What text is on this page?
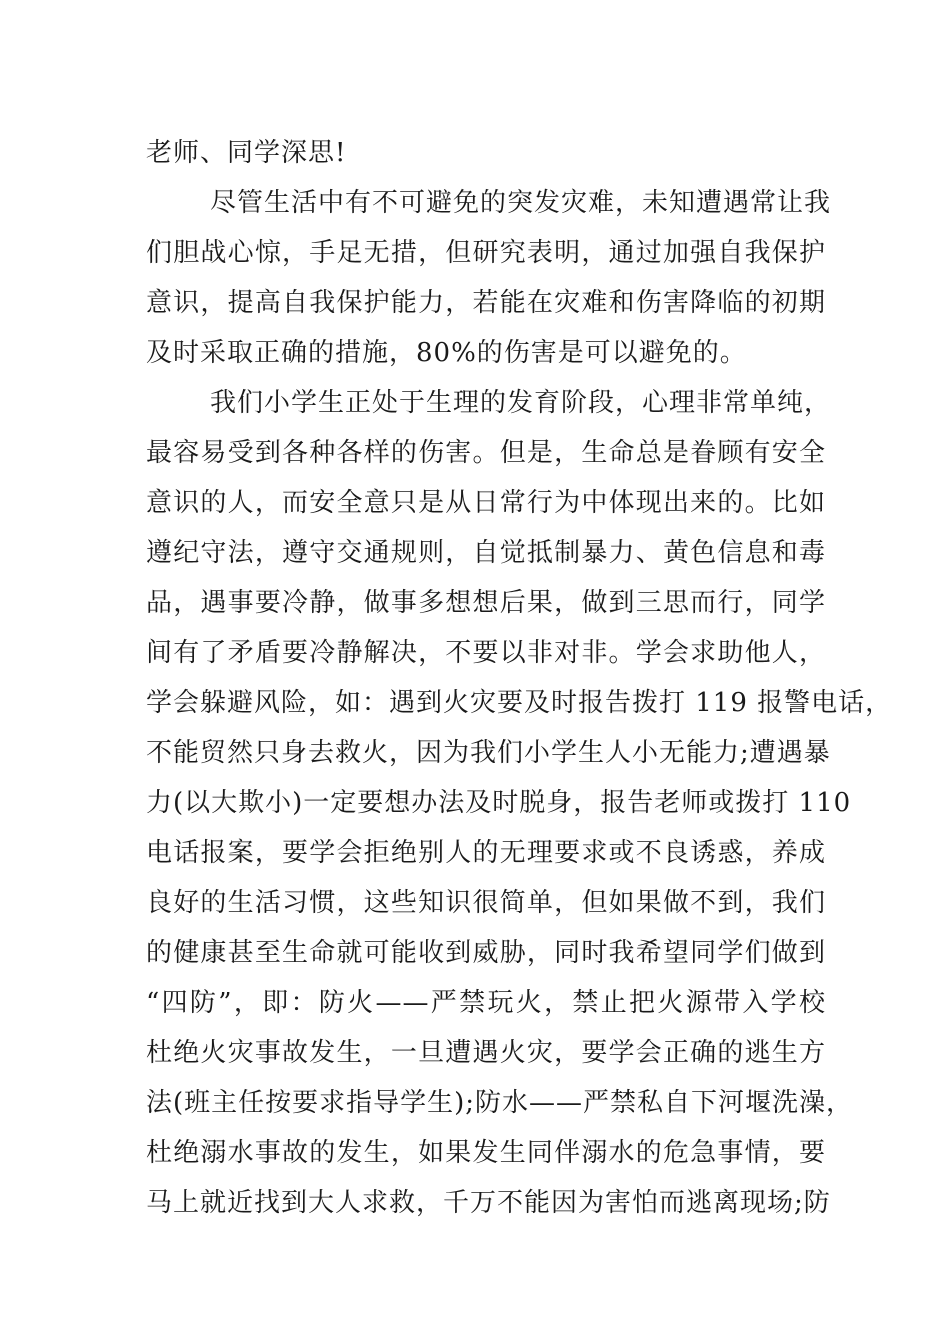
老师、同学深思!
尽管生活中有不可避免的突发灾难，未知遭遇常让我
们胆战心惊，手足无措，但研究表明，通过加强自我保护
意识，提高自我保护能力，若能在灾难和伤害降临的初期
及时采取正确的措施，80%的伤害是可以避免的。
我们小学生正处于生理的发育阶段，心理非常单纯，
最容易受到各种各样的伤害。但是，生命总是眷顾有安全
意识的人，而安全意只是从日常行为中体现出来的。比如
遵纪守法，遵守交通规则，自觉抵制暴力、黄色信息和毒
品，遇事要冷静，做事多想想后果，做到三思而行，同学
间有了矛盾要冷静解决，不要以非对非。学会求助他人，
学会躲避风险，如：遇到火灾要及时报告拨打 119 报警电话，
不能贸然只身去救火，因为我们小学生人小无能力;遭遇暴
力(以大欺小)一定要想办法及时脱身，报告老师或拨打 110
电话报案，要学会拒绝别人的无理要求或不良诱惑，养成
良好的生活习惯，这些知识很简单，但如果做不到，我们
的健康甚至生命就可能收到威胁，同时我希望同学们做到
“四防”，即：防火——严禁玩火，禁止把火源带入学校
杜绝火灾事故发生，一旦遭遇火灾，要学会正确的逃生方
法(班主任按要求指导学生);防水——严禁私自下河堰洗澡，
杜绝溺水事故的发生，如果发生同伴溺水的危急事情，要
马上就近找到大人求救，千万不能因为害怕而逃离现场;防
